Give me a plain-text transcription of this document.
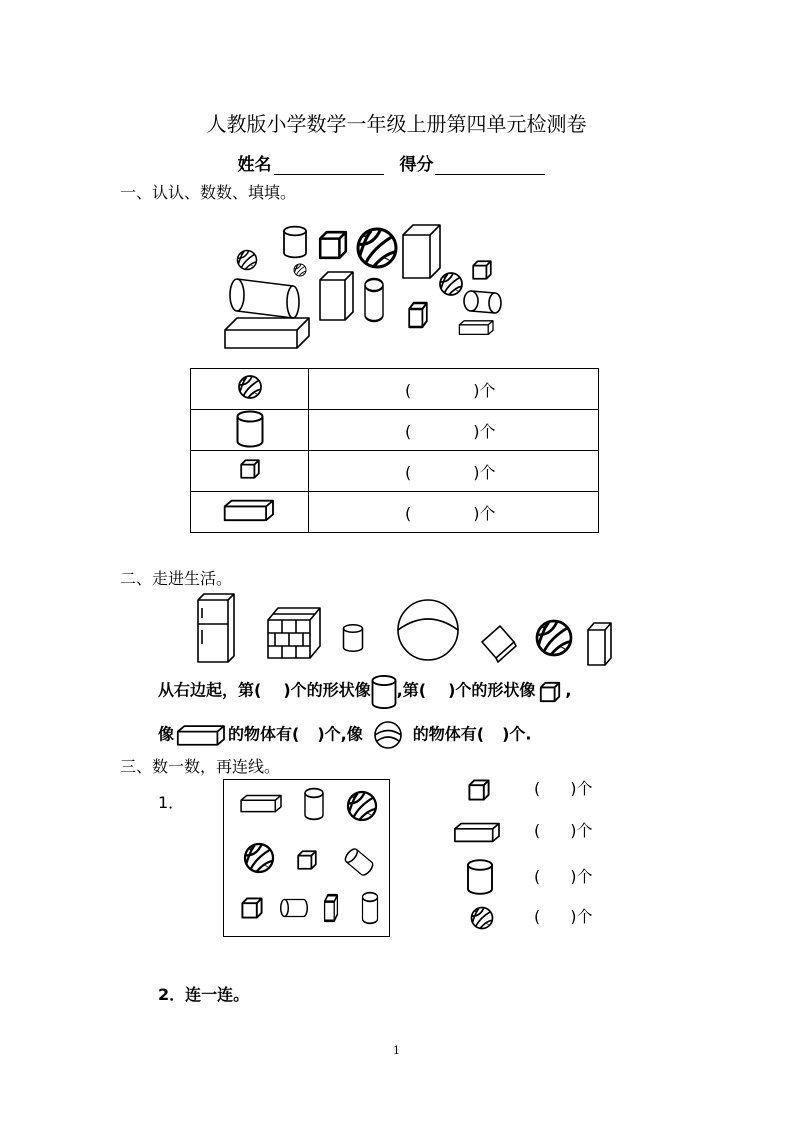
人教版小学数学一年级上册第四单元检测卷
姓名	得分
一、认认、数数、填填。
	( )个
	( )个
	( )个
	( )个
二、走进生活。
从右边起，第( )个的形状像 ,第( )个的形状像 ,
像	的物体有( )个,像	的物体有( )个.
三、数一数，再连线。
1．
( )个
( )个
( )个
( )个
2．连一连。
1
